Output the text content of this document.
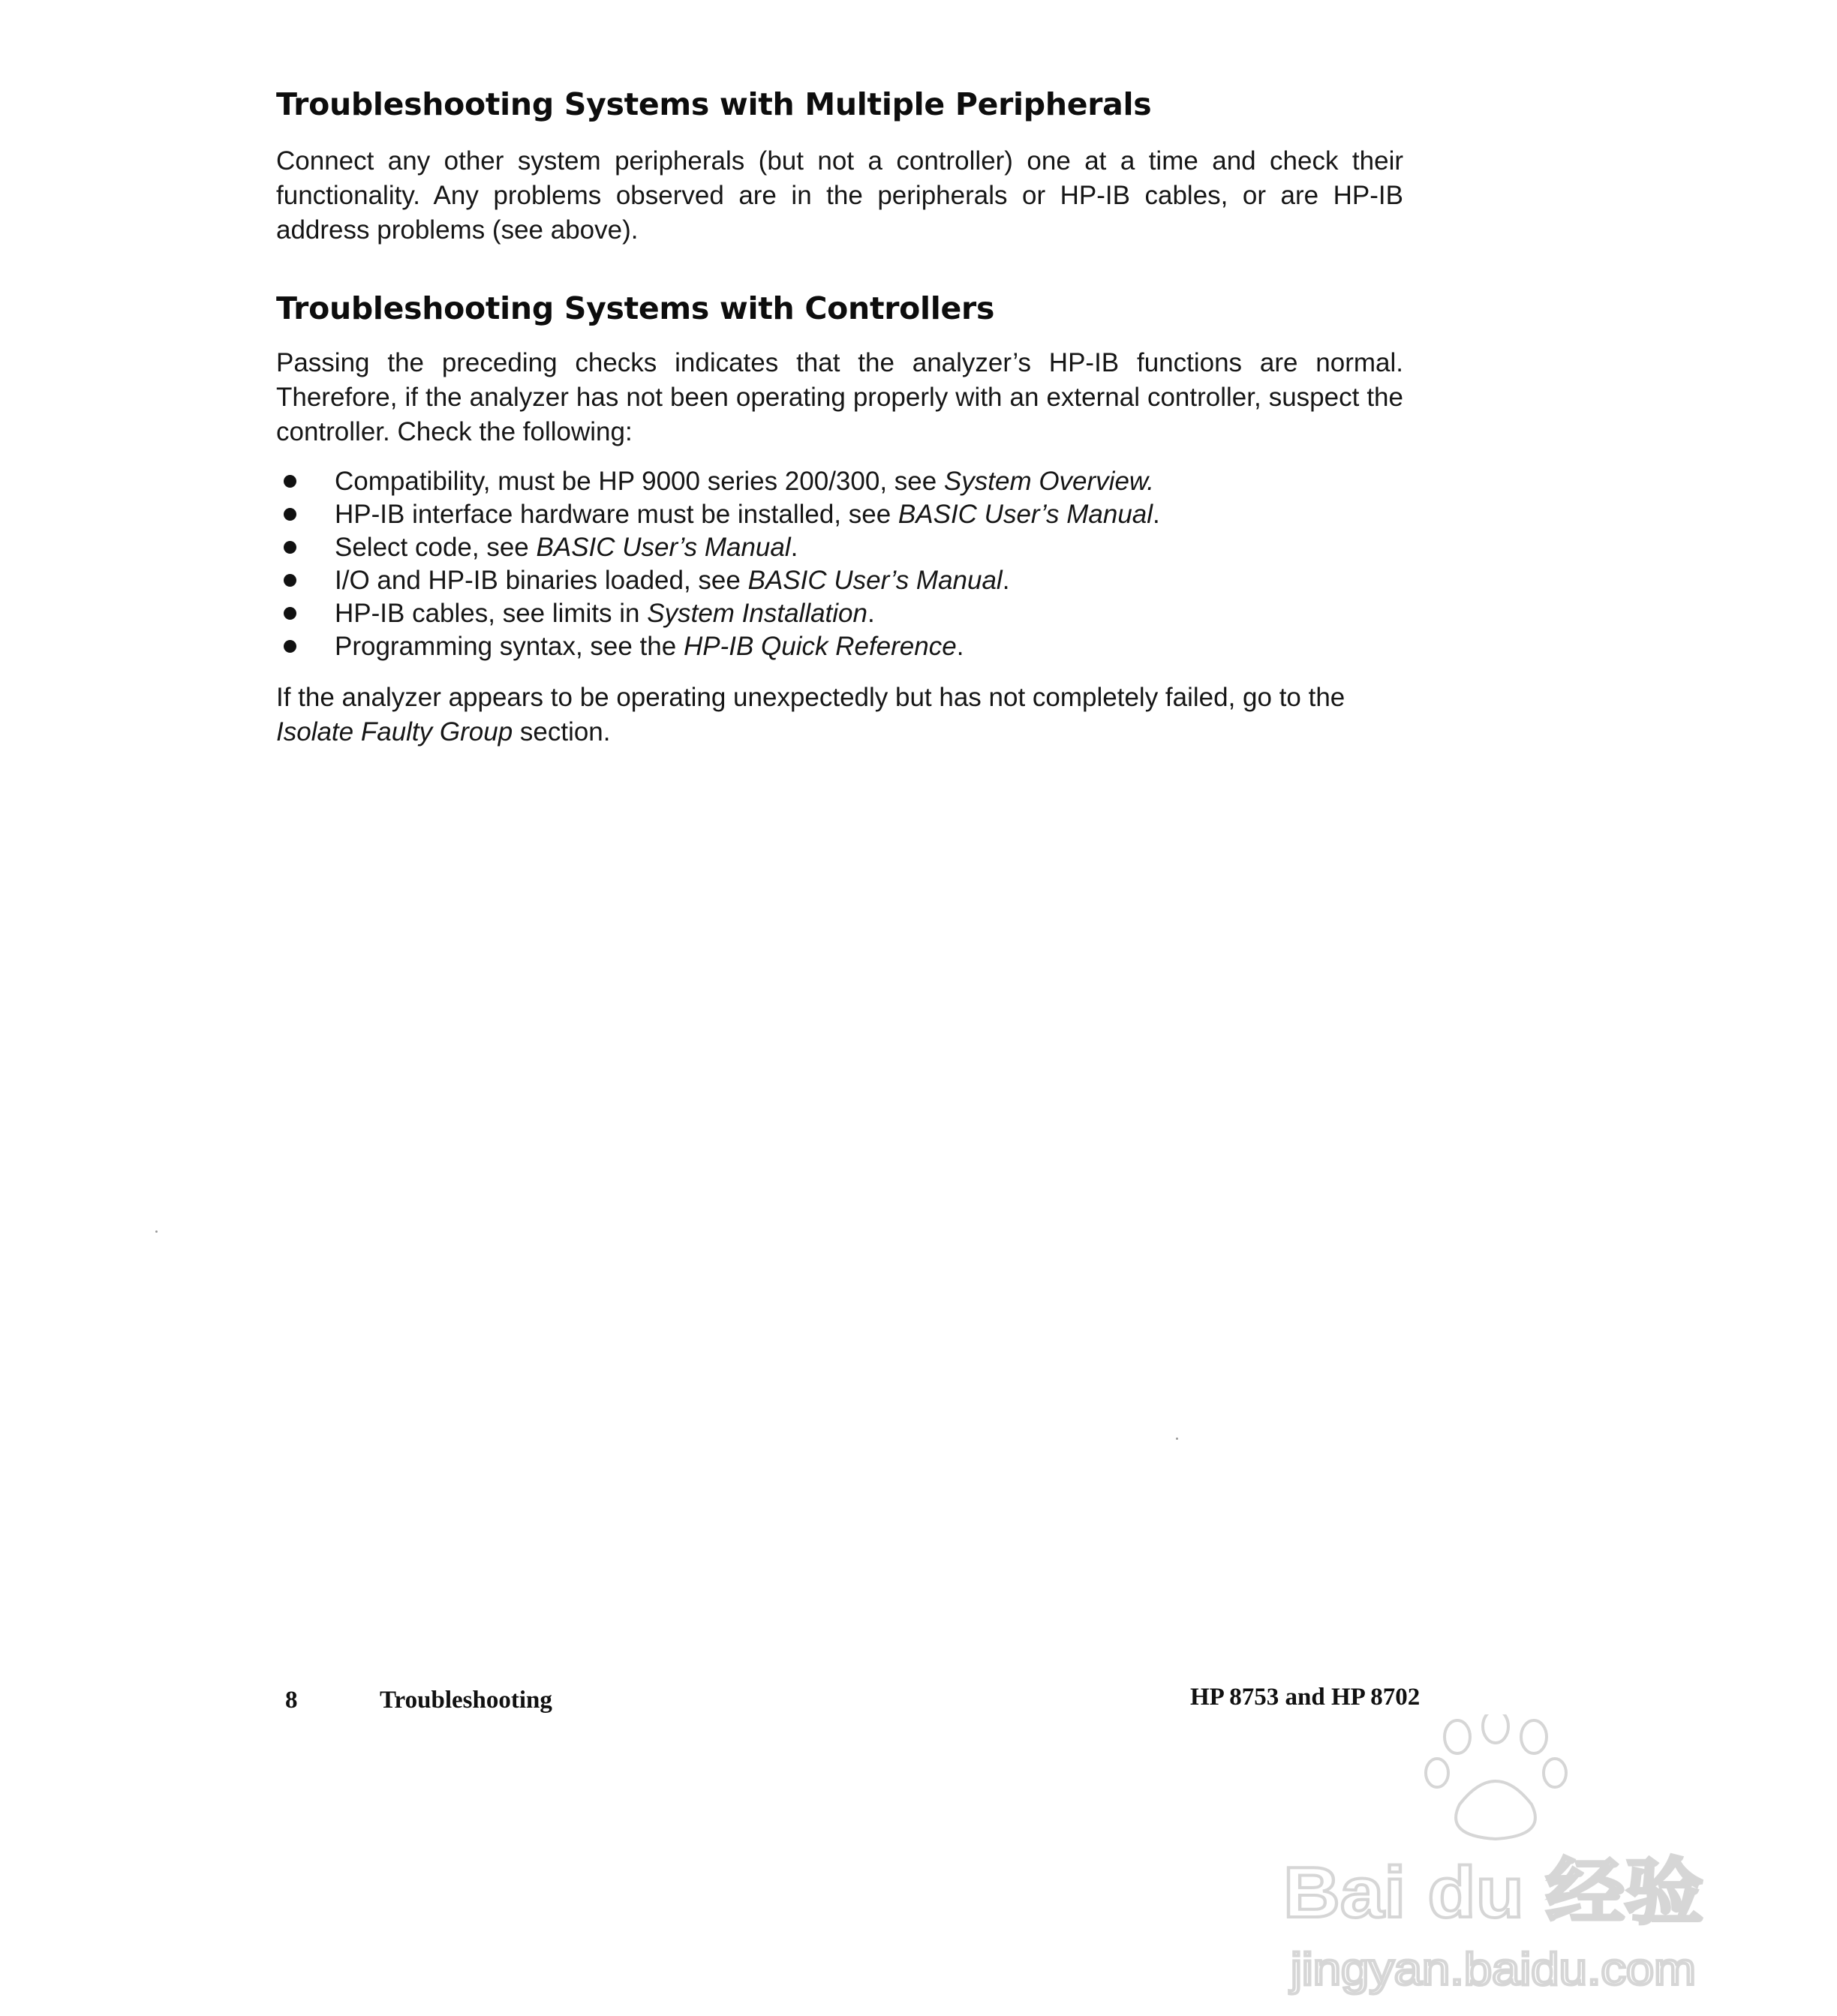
Troubleshooting Systems with Multiple Peripherals

Connect any other system peripherals (but not a controller) one at a time and check their functionality. Any problems observed are in the peripherals or HP-IB cables, or are HP-IB address problems (see above).

Troubleshooting Systems with Controllers

Passing the preceding checks indicates that the analyzer’s HP-IB functions are normal. Therefore, if the analyzer has not been operating properly with an external controller, suspect the controller. Check the following:

Compatibility, must be HP 9000 series 200/300, see System Overview.
HP-IB interface hardware must be installed, see BASIC User’s Manual.
Select code, see BASIC User’s Manual.
I/O and HP-IB binaries loaded, see BASIC User’s Manual.
HP-IB cables, see limits in System Installation.
Programming syntax, see the HP-IB Quick Reference.

If the analyzer appears to be operating unexpectedly but has not completely failed, go to the Isolate Faulty Group section.

8	Troubleshooting	HP 8753 and HP 8702
Bai du 经验
jingyan.baidu.com
